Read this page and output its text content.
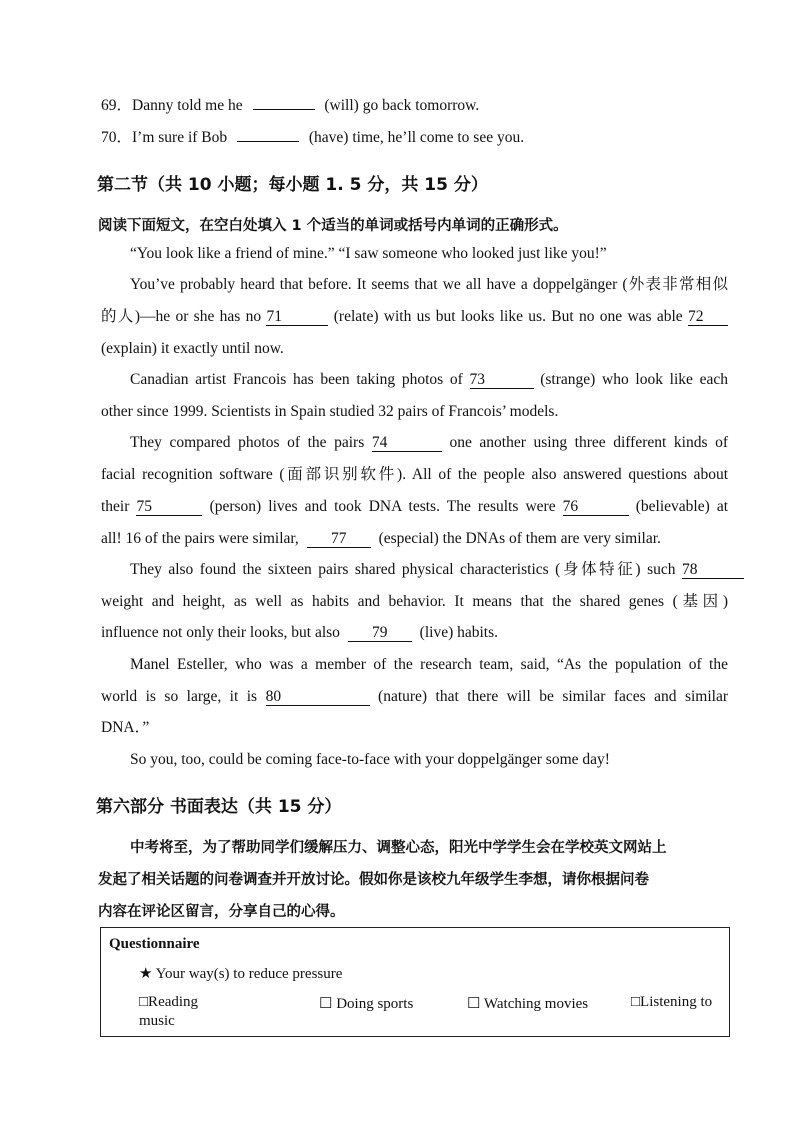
69．Danny told me he	(will) go back tomorrow.
70．I’m sure if Bob	(have) time, he’ll come to see you.
第二节（共 10 小题；每小题 1. 5 分，共 15 分）
阅读下面短文，在空白处填入 1 个适当的单词或括号内单词的正确形式。
“You look like a friend of mine.” “I saw someone who looked just like you!”
You’ve probably heard that before. It seems that we all have a doppelgänger (外表非常相似
的人)—he or she has no 71	(relate) with us but looks like us. But no one was able 72
(explain) it exactly until now.
Canadian artist Francois has been taking photos of 73	(strange) who look like each
other since 1999. Scientists in Spain studied 32 pairs of Francois’ models.
They compared photos of the pairs 74	one another using three different kinds of
facial recognition software (面部识别软件). All of the people also answered questions about
their 75	(person) lives and took DNA tests. The results were 76	(believable) at
all! 16 of the pairs were similar, 77 (especial) the DNAs of them are very similar.
They also found the sixteen pairs shared physical characteristics (身体特征) such 78
weight and height, as well as habits and behavior. It means that the shared genes (基因)
influence not only their looks, but also 79 (live) habits.
Manel Esteller, who was a member of the research team, said, “As the population of the
world is so large, it is 80	(nature) that there will be similar faces and similar
DNA．”
So you, too, could be coming face-to-face with your doppelgänger some day!
第六部分 书面表达（共 15 分）
中考将至，为了帮助同学们缓解压力、调整心态，阳光中学学生会在学校英文网站上
发起了相关话题的问卷调查并开放讨论。假如你是该校九年级学生李想，请你根据问卷
内容在评论区留言，分享自己的心得。
Questionnaire
★ Your way(s) to reduce pressure
□Reading	☐ Doing sports	☐ Watching movies	□Listening to
music
